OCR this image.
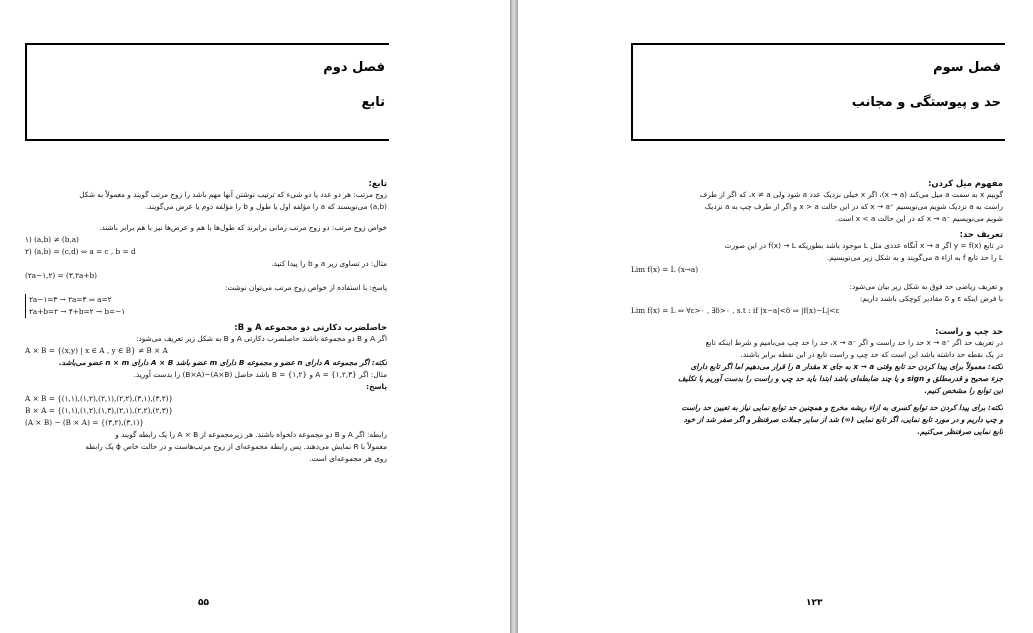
فصل دوم
تابع
تابع:
زوج مرتب: هر دو عدد یا دو شیء که ترتیب نوشتن آنها مهم باشد را زوج مرتب گویند و معمولاً به شکل
(a,b) می‌نویسند که a را مؤلفه اول یا طول و b را مؤلفه دوم یا عرض می‌گویند.
خواص زوج مرتب: دو زوج مرتب زمانی برابرند که طول‌ها با هم و عرض‌ها نیز با هم برابر باشند.
۱) (a,b) ≠ (b,a)
۲) (a,b) = (c,d) ⇔ a = c , b = d
مثال: در تساوی زیر a و b را پیدا کنید.
(۲a−۱,۲) = (۳,۲a+b)
پاسخ: با استفاده از خواص زوج مرتب می‌توان نوشت:
۲a−۱=۳ → ۲a=۴ ⇒ a=۲
۲a+b=۲ → ۴+b=۲ → b=−۱
حاصلضرب دکارتی دو مجموعه A و B:
اگر A و B دو مجموعه باشند حاصلضرب دکارتی A و B به شکل زیر تعریف می‌شود:
A × B = {(x,y) | x ∈ A , y ∈ B} ≠ B × A
نکته: اگر مجموعه A دارای n عضو و مجموعه B دارای m عضو باشد A × B دارای n × m عضو می‌باشد.
مثال: اگر A = {۱,۲,۳} و B = {۱,۲} باشد حاصل (A×B)−(B×A) را بدست آورید.
پاسخ:
A × B = {(۱,۱),(۱,۲),(۲,۱),(۲,۲),(۳,۱),(۳,۲)}
B × A = {(۱,۱),(۱,۲),(۱,۳),(۲,۱),(۲,۲),(۲,۳)}
(A × B) − (B × A) = {(۳,۲),(۳,۱)}
رابطه: اگر A و B دو مجموعه دلخواه باشند. هر زیرمجموعه از A × B را یک رابطه گویند و
معمولاً با R نمایش می‌دهند. پس رابطه مجموعه‌ای از زوج مرتب‌هاست و در حالت خاص ϕ یک رابطه
روی هر مجموعه‌ای است.
۵۵
فصل سوم
حد و پیوستگی و مجانب
مفهوم میل کردن:
گوییم x به سمت a میل می‌کند (x → a)، اگر x خیلی نزدیک عدد a شود ولی x ≠ a، که اگر از طرف
راست به a نزدیک شویم می‌نویسیم ⁺x → a که در این حالت x > a و اگر از طرف چپ به a نزدیک
شویم می‌نویسیم ⁻x → a که در این حالت x < a است.
تعریف حد:
در تابع y = f(x) اگر x → a آنگاه عددی مثل L موجود باشد بطوریکه f(x) → L در این صورت
L را حد تابع f به ازاء a می‌گویند و به شکل زیر می‌نویسیم.
Lim f(x) = L (x→a)
و تعریف ریاضی حد فوق به شکل زیر بیان می‌شود:
با فرض اینکه ε و δ مقادیر کوچکی باشند داریم:
Lim f(x) = L ⇔ ∀ε>۰ , ∃δ>۰ , s.t : if |x−a|<δ ⇒ |f(x)−L|<ε
حد چپ و راست:
در تعریف حد اگر ⁺x → a حد را حد راست و اگر ⁻x → a، حد را حد چپ می‌نامیم و شرط اینکه تابع
در یک نقطه حد داشته باشد این است که حد چپ و راست تابع در این نقطه برابر باشند.
نکته: معمولاً برای پیدا کردن حد تابع وقتی x → a به جای x مقدار a را قرار می‌دهیم اما اگر تابع دارای
جزء صحیح و قدرمطلق و sign و یا چند ضابطه‌ای باشد ابتدا باید حد چپ و راست را بدست آوریم یا تکلیف
این توابع را مشخص کنیم.
نکته: برای پیدا کردن حد توابع کسری به ازاء ریشه مخرج و همچنین حد توابع نمایی نیاز به تعیین حد راست
و چپ داریم و در مورد تابع نمایی، اگر تابع نمایی (∞) شد از سایر جملات صرفنظر و اگر صفر شد از خود
تابع نمایی صرفنظر می‌کنیم.
۱۲۳
